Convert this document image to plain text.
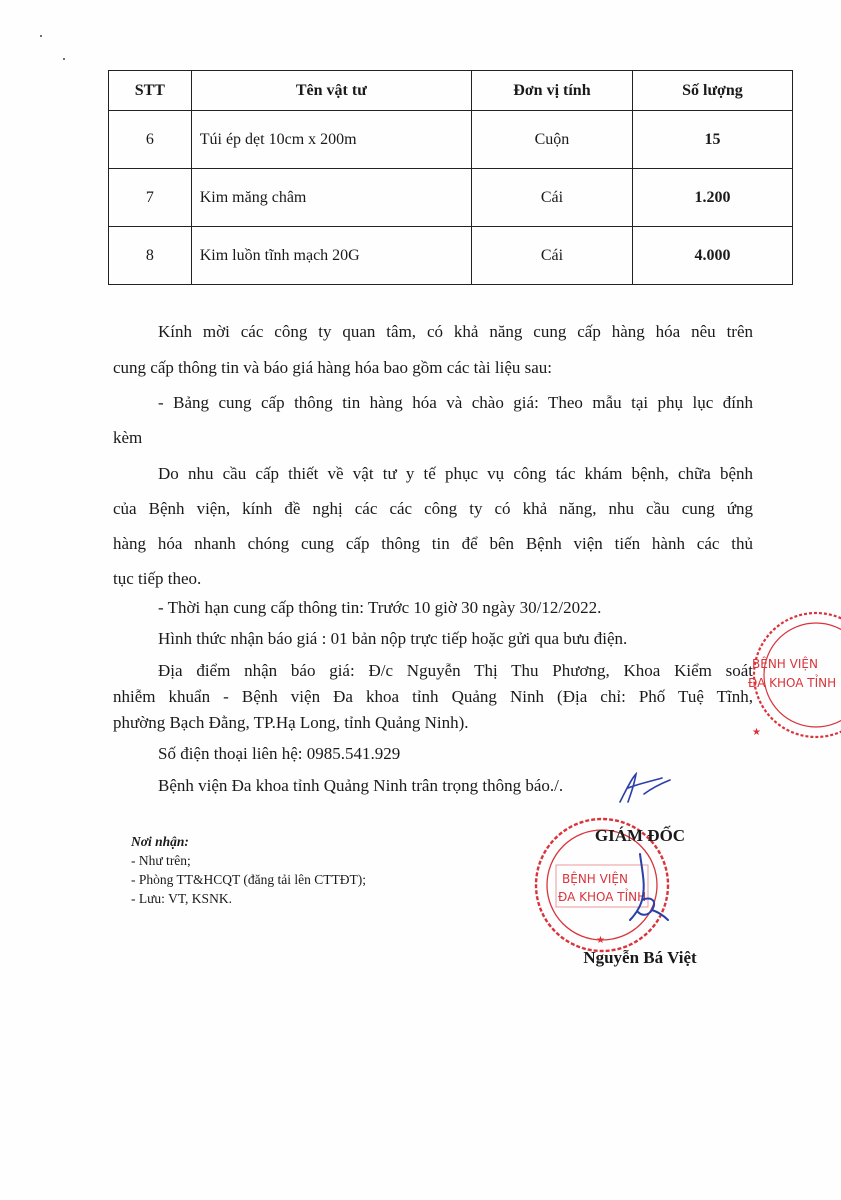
STT	Tên vật tư	Đơn vị tính	Số lượng
6	Túi ép dẹt 10cm x 200m	Cuộn	15
7	Kim măng châm	Cái	1.200
8	Kim luồn tĩnh mạch 20G	Cái	4.000

Kính mời các công ty quan tâm, có khả năng cung cấp hàng hóa nêu trên

cung cấp thông tin và báo giá hàng hóa bao gồm các tài liệu sau:

- Bảng cung cấp thông tin hàng hóa và chào giá: Theo mẫu tại phụ lục đính

kèm

Do nhu cầu cấp thiết về vật tư y tế phục vụ công tác khám bệnh, chữa bệnh

của Bệnh viện, kính đề nghị các các công ty có khả năng, nhu cầu cung ứng

hàng hóa nhanh chóng cung cấp thông tin để bên Bệnh viện tiến hành các thủ

tục tiếp theo.

- Thời hạn cung cấp thông tin: Trước 10 giờ 30 ngày 30/12/2022.

Hình thức nhận báo giá : 01 bản nộp trực tiếp hoặc gửi qua bưu điện.

Địa điểm nhận báo giá: Đ/c Nguyễn Thị Thu Phương, Khoa Kiểm soát

nhiễm khuẩn - Bệnh viện Đa khoa tỉnh Quảng Ninh (Địa chỉ: Phố Tuệ Tĩnh,

phường Bạch Đằng, TP.Hạ Long, tỉnh Quảng Ninh).

Số điện thoại liên hệ: 0985.541.929

Bệnh viện Đa khoa tỉnh Quảng Ninh trân trọng thông báo./.

BỆNH VIỆN
ĐA KHOA TỈNH
★
Nơi nhận:
- Như trên;
- Phòng TT&HCQT (đăng tải lên CTTĐT);
- Lưu: VT, KSNK.
BỆNH VIỆN
ĐA KHOA TỈNH
★
GIÁM ĐỐC
Nguyễn Bá Việt
